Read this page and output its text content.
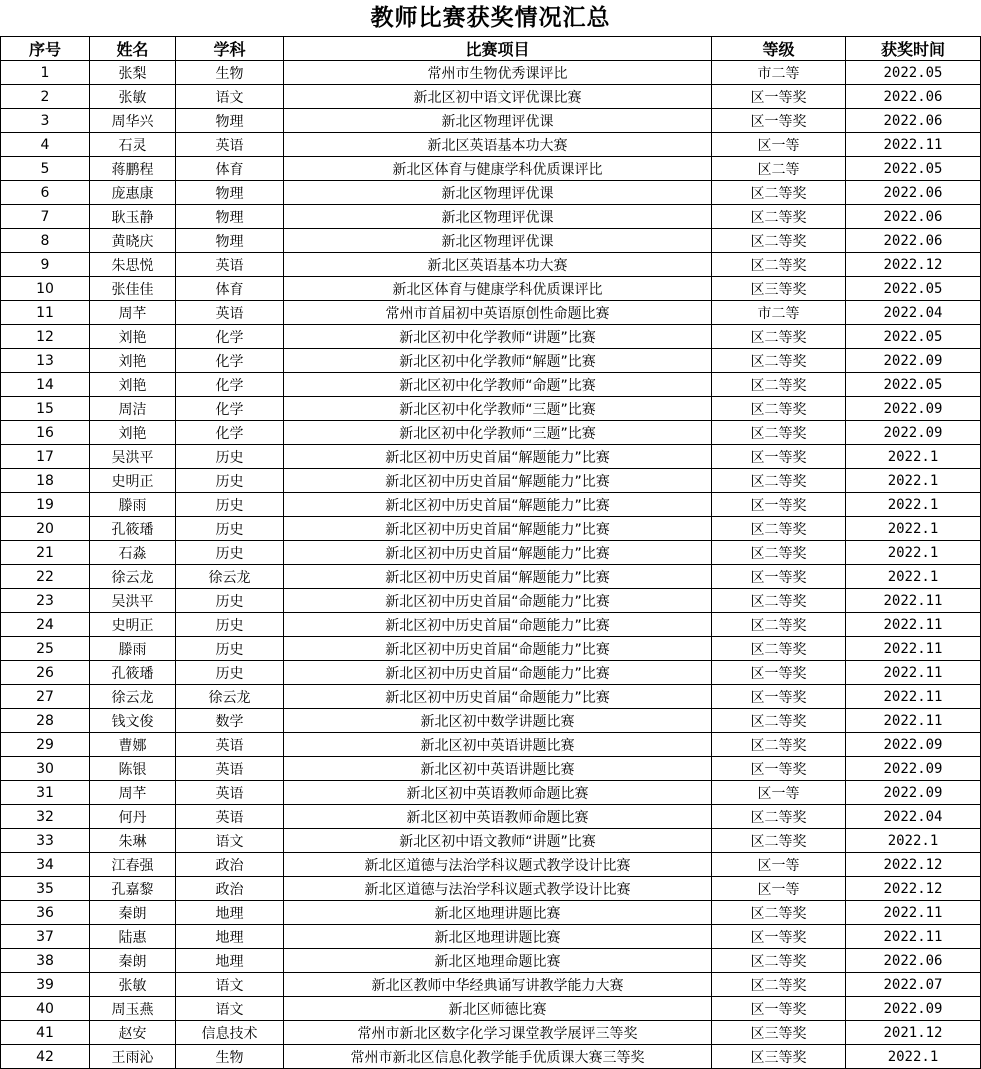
教师比赛获奖情况汇总
序号	姓名	学科	比赛项目	等级	获奖时间
1	张梨	生物	常州市生物优秀课评比	市二等	2022.05
2	张敏	语文	新北区初中语文评优课比赛	区一等奖	2022.06
3	周华兴	物理	新北区物理评优课	区一等奖	2022.06
4	石灵	英语	新北区英语基本功大赛	区一等	2022.11
5	蒋鹏程	体育	新北区体育与健康学科优质课评比	区二等	2022.05
6	庞惠康	物理	新北区物理评优课	区二等奖	2022.06
7	耿玉静	物理	新北区物理评优课	区二等奖	2022.06
8	黄晓庆	物理	新北区物理评优课	区二等奖	2022.06
9	朱思悦	英语	新北区英语基本功大赛	区二等奖	2022.12
10	张佳佳	体育	新北区体育与健康学科优质课评比	区三等奖	2022.05
11	周芊	英语	常州市首届初中英语原创性命题比赛	市二等	2022.04
12	刘艳	化学	新北区初中化学教师“讲题”比赛	区二等奖	2022.05
13	刘艳	化学	新北区初中化学教师“解题”比赛	区二等奖	2022.09
14	刘艳	化学	新北区初中化学教师“命题”比赛	区二等奖	2022.05
15	周洁	化学	新北区初中化学教师“三题”比赛	区二等奖	2022.09
16	刘艳	化学	新北区初中化学教师“三题”比赛	区二等奖	2022.09
17	吴洪平	历史	新北区初中历史首届“解题能力”比赛	区一等奖	2022.1
18	史明正	历史	新北区初中历史首届“解题能力”比赛	区二等奖	2022.1
19	滕雨	历史	新北区初中历史首届“解题能力”比赛	区一等奖	2022.1
20	孔筱璠	历史	新北区初中历史首届“解题能力”比赛	区二等奖	2022.1
21	石淼	历史	新北区初中历史首届“解题能力”比赛	区二等奖	2022.1
22	徐云龙	徐云龙	新北区初中历史首届“解题能力”比赛	区一等奖	2022.1
23	吴洪平	历史	新北区初中历史首届“命题能力”比赛	区二等奖	2022.11
24	史明正	历史	新北区初中历史首届“命题能力”比赛	区二等奖	2022.11
25	滕雨	历史	新北区初中历史首届“命题能力”比赛	区二等奖	2022.11
26	孔筱璠	历史	新北区初中历史首届“命题能力”比赛	区一等奖	2022.11
27	徐云龙	徐云龙	新北区初中历史首届“命题能力”比赛	区一等奖	2022.11
28	钱文俊	数学	新北区初中数学讲题比赛	区二等奖	2022.11
29	曹娜	英语	新北区初中英语讲题比赛	区二等奖	2022.09
30	陈银	英语	新北区初中英语讲题比赛	区一等奖	2022.09
31	周芊	英语	新北区初中英语教师命题比赛	区一等	2022.09
32	何丹	英语	新北区初中英语教师命题比赛	区二等奖	2022.04
33	朱琳	语文	新北区初中语文教师“讲题”比赛	区二等奖	2022.1
34	江春强	政治	新北区道德与法治学科议题式教学设计比赛	区一等	2022.12
35	孔嘉黎	政治	新北区道德与法治学科议题式教学设计比赛	区一等	2022.12
36	秦朗	地理	新北区地理讲题比赛	区二等奖	2022.11
37	陆惠	地理	新北区地理讲题比赛	区一等奖	2022.11
38	秦朗	地理	新北区地理命题比赛	区二等奖	2022.06
39	张敏	语文	新北区教师中华经典诵写讲教学能力大赛	区二等奖	2022.07
40	周玉燕	语文	新北区师德比赛	区一等奖	2022.09
41	赵安	信息技术	常州市新北区数字化学习课堂教学展评三等奖	区三等奖	2021.12
42	王雨沁	生物	常州市新北区信息化教学能手优质课大赛三等奖	区三等奖	2022.1
